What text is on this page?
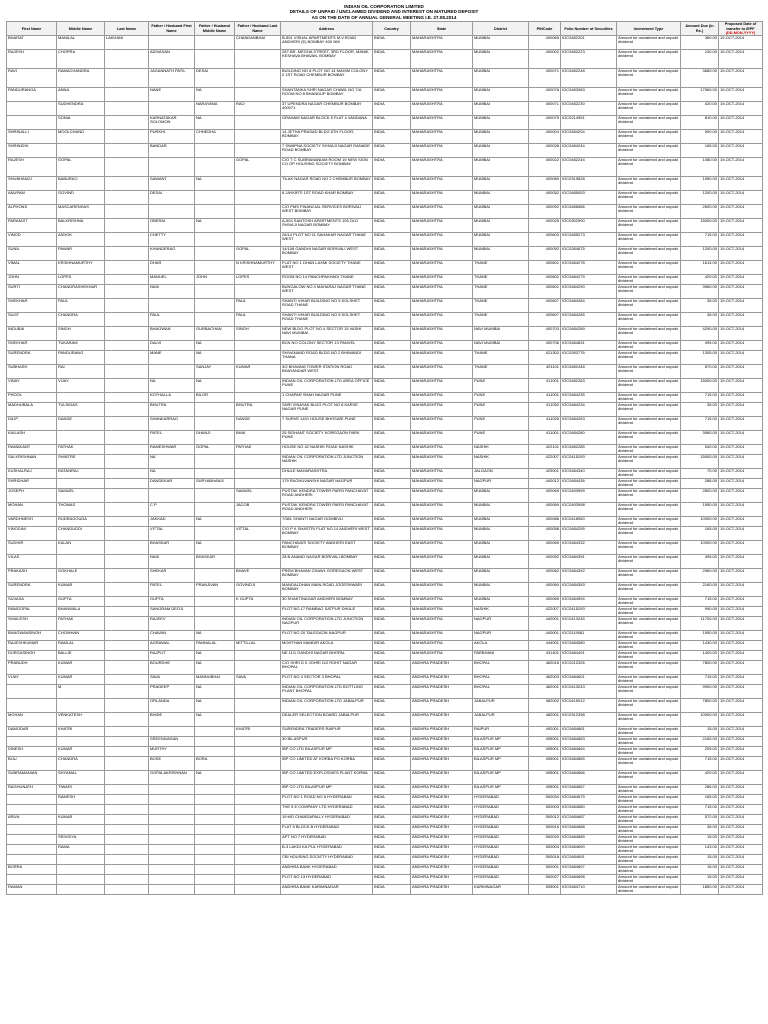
INDIAN OIL CORPORATION LIMITED
DETAILS OF UNPAID / UNCLAIMED DIVIDEND AND INTEREST ON MATURED DEPOSIT
AS ON THE DATE OF ANNUAL GENERAL MEETING I.E. 27.08.2014
First Name	Middle Name	Last Name	Father / Husband First Name	Father / Husband Middle Name	Father / Husband Last Name	Address	Country	State	District	PINCode	Folio Number of Securities	Investment Type	Amount Due (in Rs.)	Proposed Date of transfer to IEPF
(DD-MON-YYYY)
BHARAT	MANILAL	LAKHANI			CHANDANBHAI	B-501 VISHAL APARTMENTS M.V.ROAD ANDHERI (E) BOMBAY 400 069	INDIA	MAHARASHTRA	MUMBAI	400069	IOC0482201	Amount for unclaimed and unpaid dividend	360.00	19-OCT-2014
RAJESH	CHOPRA		ADIVASAN			287-BR. MEGHA STREET, 3RD FLOOR, MANIK KESHAVA BHAVAN, BOMBAY	INDIA	MAHARASHTRA	MUMBAI	400002	IOC0482223	Amount for unclaimed and unpaid dividend	240.00	19-OCT-2014
RAVI	RAMACHANDRA		JAGANNATH PATIL	DESAI		BUILDING NO 8 PLOT NO 14 MAHIM COLONY 2 1ST ROAD CHEMBUR BOMBAY	INDIA	MAHARASHTRA	MUMBAI	400071	IOC0482248	Amount for unclaimed and unpaid dividend	3680.00	19-OCT-2014
PANDURANGA	ANNA		NANE	NA		SHANTANKA SHRI NAGAR CHAWL NO 7/A ROOM NO 8 BHANDUP BOMBAY	INDIA	MAHARASHTRA	MUMBAI	400078	IOC0483083	Amount for unclaimed and unpaid dividend	17960.00	19-OCT-2014
	SUDHENDRA			NARAYANA	RAO	37 UPENDRA NAGAR CHEMBUR BOMBAY 400071	INDIA	MAHARASHTRA	MUMBAI	400071	IOC0482230	Amount for unclaimed and unpaid dividend	420.00	19-OCT-2014
	SONIA		KARNATAKAR SOLOMON	NA		GRAHAM NAGAR BLOCK 5 FLAT 4 VANDANA	INDIA	MAHARASHTRA	MUMBAI	400075	IOC0214951	Amount for unclaimed and unpaid dividend	810.00	19-OCT-2014
SHRINALLI	MOOLCHAND		PURKHI	CHHEDHA		14 JETHA PRASAD BLDG 6TH FLOOR, BOMBAY	INDIA	MAHARASHTRA	MUMBAI	400004	IOC0484204	Amount for unclaimed and unpaid dividend	900.00	19-OCT-2014
SHRINIDHI			BANDAR			7 SWAPNA SOCIETY SHIVAJI NAGAR RANADE ROAD BOMBAY	INDIA	MAHARASHTRA	MUMBAI	400028	IOC0484244	Amount for unclaimed and unpaid dividend	165.00	19-OCT-2014
RAJESH	GOPAL				GOPAL	C/O T C SUBRAMANIAM ROOM 19 NEW SION CO OP HOUSING SOCIETY BOMBAY	INDIA	MAHARASHTRA	MUMBAI	400022	IOC0482244	Amount for unclaimed and unpaid dividend	1080.00	19-OCT-2014
SHUBHANGI	BABURAO		SAWANT	NA		TILAK NAGAR ROAD NO 2 CHEMBUR BOMBAY	INDIA	MAHARASHTRA	MUMBAI	400089	IOC0319828	Amount for unclaimed and unpaid dividend	1950.00	19-OCT-2014
ANUPAM	GOVIND		DESAI			8 JAYKIRTI 1ST ROAD KHAR BOMBAY	INDIA	MAHARASHTRA	MUMBAI	400052	IOC0485053	Amount for unclaimed and unpaid dividend	1200.00	19-OCT-2014
ALPHONS	MASCARENHAS					C/O PMS FINANCIAL SERVICES BORIVALI WEST BOMBAY	INDIA	MAHARASHTRA	MUMBAI	400092	IOC0486586	Amount for unclaimed and unpaid dividend	2600.00	19-OCT-2014
PARAMJIT	BALKRISHNA		OBERAI	NA		A-504 SANTOSH APARTMENTS 105 OLD SHIVAJI NAGAR BOMBAY	INDIA	MAHARASHTRA	MUMBAI	400025	IOC0302900	Amount for unclaimed and unpaid dividend	15000.00	19-OCT-2014
VINOD	ASHOK		CHETTY			26/14 PLOT NO 11 SAHAKAR NAGAR THANE WEST	INDIA	MAHARASHTRA	MUMBAI	400603	IOC0485273	Amount for unclaimed and unpaid dividend	715.00	19-OCT-2014
SUNIL	PAWAR		KHANDERAO		GOPAL	14/108 GANDHI NAGAR BORIVALI WEST BOMBAY	INDIA	MAHARASHTRA	MUMBAI	400092	IOC0284875	Amount for unclaimed and unpaid dividend	1200.00	19-OCT-2014
VIMAL	KRISHNAMURTHY		DHAR		N KRISHNAMURTHY	FLAT NO 1 DHAN LAXMI SOCIETY THANE WEST	INDIA	MAHARASHTRA	THANE	400601	IOC0484278	Amount for unclaimed and unpaid dividend	1614.00	19-OCT-2014
JOHN	LOPES		MANUEL	JOHN	LOPES	ROOM NO 14 PANCHPAKHADI THANE	INDIA	MAHARASHTRA	THANE	400602	IOC0484279	Amount for unclaimed and unpaid dividend	420.00	19-OCT-2014
SURTI	CHANDRASHEKHAR		NAIK			BUNGALOW NO 4 MAHARAJ NAGAR THANE WEST	INDIA	MAHARASHTRA	THANE	400601	IOC0484290	Amount for unclaimed and unpaid dividend	3960.00	19-OCT-2014
SHEKHAR	PAUL				PAUL	SHANTI VIHAR BUILDING NO 5 KOLSHET ROAD THANE	INDIA	MAHARASHTRA	THANE	400607	IOC0484284	Amount for unclaimed and unpaid dividend	35.00	19-OCT-2014
SUJIT	CHANDRA		PAUL		PAUL	SHANTI VIHAR BUILDING NO 5 KOLSHET ROAD THANE	INDIA	MAHARASHTRA	THANE	400607	IOC0484285	Amount for unclaimed and unpaid dividend	35.00	19-OCT-2014
INDUBAI	SINGH		BHAGWAN	GURBACHAN	SINGH	NEW BLDG PLOT NO 4 SECTOR 15 VASHI NAVI MUMBAI	INDIA	MAHARASHTRA	NAVI MUMBAI	400703	IOC0484289	Amount for unclaimed and unpaid dividend	4290.00	19-OCT-2014
SHEKHAR	TUKARAM		DALVI	NA		BCN NO COLONY SECTOR 13 PANVEL	INDIA	MAHARASHTRA	NAVI MUMBAI	400706	IOC0484831	Amount for unclaimed and unpaid dividend	495.00	19-OCT-2014
SURENDRA	PANDURANG		MANE	NA		SHIVANAND ROAD BLDG NO 2 BHIWANDI THANA	INDIA	MAHARASHTRA	THANE	421302	IOC0393776	Amount for unclaimed and unpaid dividend	1305.00	19-OCT-2014
SUBHASH	RAI			SANJAY	KUMAR	3/2 BHAVANI TOWER STATION ROAD BHAYANDAR WEST	INDIA	MAHARASHTRA	THANE	401101	IOC0482448	Amount for unclaimed and unpaid dividend	870.00	19-OCT-2014
VINAY	VIJAY		NA	NA		INDIAN OIL CORPORATION LTD AREA OFFICE PUNE	INDIA	MAHARASHTRA	PUNE	411001	IOC0482263	Amount for unclaimed and unpaid dividend	15000.00	19-OCT-2014
PHOOL			KOTHALLA	BILOR		1 CHAPAR SHAH NAGAR PUNE	INDIA	MAHARASHTRA	PUNE	411001	IOC0484235	Amount for unclaimed and unpaid dividend	715.00	19-OCT-2014
MADHUBALA	TULSIDAS		BHUTRA		BHUTRA	SHRI VINAYAK BLDG PLOT NO 8 KARVE NAGAR PUNE	INDIA	MAHARASHTRA	PUNE	411052	IOC0484234	Amount for unclaimed and unpaid dividend	35.00	19-OCT-2014
DILIP	DANDE		SHANKARRAO		DANDE	7 SURVE 1401 HOUSE BHOSARI PUNE	INDIA	MAHARASHTRA	PUNE	411026	IOC0484263	Amount for unclaimed and unpaid dividend	715.00	19-OCT-2014
KAILASH			PATEL	DHANJI	BHAI	25 SIDHANT SOCIETY KOREGAON PARK PUNE	INDIA	MAHARASHTRA	PUNE	411001	IOC0484280	Amount for unclaimed and unpaid dividend	3960.00	19-OCT-2014
RAMAKANT	PATHAK		RAMESHWAR	GOPAL	PATHAK	HOUSE NO 42 NASHIK ROAD NASHIK	INDIA	MAHARASHTRA	NASHIK	422101	IOC0482285	Amount for unclaimed and unpaid dividend	540.00	19-OCT-2014
SAI KRISHNAN	SHINTRE		NA			INDIAN OIL CORPORATION LTD JUNCTION NASHIK	INDIA	MAHARASHTRA	NASHIK	422007	IOC0415293	Amount for unclaimed and unpaid dividend	15000.00	19-OCT-2014
KUSHALRAJ	RATANRAJ		NA			DHULE MAHARASHTRA	INDIA	MAHARASHTRA	JALGAON	425001	IOC0484340	Amount for unclaimed and unpaid dividend	70.00	19-OCT-2014
SHRIDHAR			DANDEKAR	SURYABHANJI		179 RAGHUVANSHI NAGAR NAGPUR	INDIA	MAHARASHTRA	NAGPUR	440012	IOC0484436	Amount for unclaimed and unpaid dividend	286.00	19-OCT-2014
JOSEPH	SAMUEL				SAMUEL	PUSTAK KENDRA TOWER PARSI PANCHAYAT ROAD ANDHERI	INDIA	MAHARASHTRA	MUMBAI	400069	IOC0493999	Amount for unclaimed and unpaid dividend	2800.00	19-OCT-2014
MOHAN	THOMAS		C P		JACOB	PUSTAK KENDRA TOWER PARSI PANCHAYAT ROAD ANDHERI	INDIA	MAHARASHTRA	MUMBAI	400069	IOC0493998	Amount for unclaimed and unpaid dividend	1950.00	19-OCT-2014
VARDHNESH	RUDRAGOUDA		JAKKAD	NA		7/381 SHANTI NAGAR DOMBIVLI	INDIA	MAHARASHTRA	MUMBAI	400086	IOC0418960	Amount for unclaimed and unpaid dividend	10000.00	19-OCT-2014
VINODINI	CHANDUDDI		VITTAL		VITTAL	C/O P K SHASTRI FLAT NO 14 ANDHERI WEST BOMBAY	INDIA	MAHARASHTRA	MUMBAI	400058	IOC0484295	Amount for unclaimed and unpaid dividend	165.00	19-OCT-2014
SUDHIR	KALAN		BHASKAR	NA		PANCHAVATI SOCIETY ANDHERI EAST BOMBAY	INDIA	MAHARASHTRA	MUMBAI	400069	IOC0484332	Amount for unclaimed and unpaid dividend	10000.00	19-OCT-2014
VILAS			NAIK	BHASKAR		28 B ANAND NAGAR BORIVALI BOMBAY	INDIA	MAHARASHTRA	MUMBAI	400092	IOC0484391	Amount for unclaimed and unpaid dividend	495.00	19-OCT-2014
PRAKASH	GOKHALE		SHEKAR		BHAVE	PREM BHAVAN CHAWL GOREGAON WEST BOMBAY	INDIA	MAHARASHTRA	MUMBAI	400062	IOC0484392	Amount for unclaimed and unpaid dividend	2960.00	19-OCT-2014
SURENDRA	KUMAR		PATEL	PRANJIVAN	GOVINDJI	MANGALDHAN MAIN ROAD JOGESHWARI BOMBAY	INDIA	MAHARASHTRA	MUMBAI	400060	IOC0484393	Amount for unclaimed and unpaid dividend	2160.00	19-OCT-2014
SUVASA	GUPTA		GUPTA		K GUPTA	30 SHAKTINAGAR ANDHERI BOMBAY	INDIA	MAHARASHTRA	MUMBAI	400069	IOC0484594	Amount for unclaimed and unpaid dividend	715.00	19-OCT-2014
RAMGOPAL	BHANWALA		SANGRAM DEOJI			PLOT NO 17 RAMBAG SATPUR DHULE	INDIA	MAHARASHTRA	NASHIK	422007	IOC0415293	Amount for unclaimed and unpaid dividend	990.00	19-OCT-2014
SHAILESH	PATHAK		RAJEEV			INDIAN OIL CORPORATION LTD JUNCTION NAGPUR	INDIA	MAHARASHTRA	NAGPUR	440001	IOC0413245	Amount for unclaimed and unpaid dividend	11700.00	19-OCT-2014
BHAGWANSINGH	CHOWHAN		CHAVAN	NA		PLOT NO 20 TALEGAON NAGPUR	INDIA	MAHARASHTRA	NAGPUR	440001	IOC0119081	Amount for unclaimed and unpaid dividend	1950.00	19-OCT-2014
RAJESHKUMAR	RAMLAL		AGRAWAL	PANNALAL	MITTILLAL	MOHTHAN MANDIR AKOLA	INDIA	MAHARASHTRA	AKOLA	444001	IOC0484580	Amount for unclaimed and unpaid dividend	1430.00	19-OCT-2014
DURGASINGH	BALLIE		RAJPUT	NA		NE 11/1 GANDHI NAGAR BHOPAL	INDIA	MAHARASHTRA	PARBHANI	431401	IOC0484491	Amount for unclaimed and unpaid dividend	1400.00	19-OCT-2014
PRABUDH	KUMAR		BOURDHE	NA		C/O SHRI D K JOHRI 112 ROHIT NAGAR BHOPAL	INDIA	ANDHRA PRADESH	BHOPAL	462016	IOC0212326	Amount for unclaimed and unpaid dividend	7800.00	19-OCT-2014
VIJAY	KUMAR		SAVA	MANNUBHAI	SAVA	PLOT NO 4 SECTOR 3 BHOPAL	INDIA	ANDHRA PRADESH	BHOPAL	462003	IOC0484601	Amount for unclaimed and unpaid dividend	715.00	19-OCT-2014
	M		PRADEEP	NA		INDIAN OIL CORPORATION LTD BOTTLING PLANT BHOPAL	INDIA	ANDHRA PRADESH	BHOPAL	462001	IOC0413243	Amount for unclaimed and unpaid dividend	9900.00	19-OCT-2014
			ORLANDA	NA		INDIAN OIL CORPORATION LTD JABALPUR	INDIA	ANDHRA PRADESH	JABALPUR	482002	IOC0415012	Amount for unclaimed and unpaid dividend	7800.00	19-OCT-2014
MOHAN	VENKATESH		BHIDE	NA		DEALER SELECTION BOARD JABALPUR	INDIA	ANDHRA PRADESH	JABALPUR	482001	IOC0312398	Amount for unclaimed and unpaid dividend	10000.00	19-OCT-2014
DAMODAR	KHATRI				KHATRI	SURENDRA TRADERS RAIPUR	INDIA	ANDHRA PRADESH	RAIPUR	492001	IOC0484661	Amount for unclaimed and unpaid dividend	15.00	19-OCT-2014
			SREENIVASAN			30 BILASPUR	INDIA	ANDHRA PRADESH	BILASPUR MP	495001	IOC0484663	Amount for unclaimed and unpaid dividend	2160.00	19-OCT-2014
DINESH	KUMAR		MURTHY			IBP CO LTD BILASPUR MP	INDIA	ANDHRA PRADESH	BILASPUR MP	495001	IOC0484664	Amount for unclaimed and unpaid dividend	205.00	19-OCT-2014
BIJU	CHANDRA		BOSE	BORA		IBP CO LIMITED AT KORBA PO KORBA	INDIA	ANDHRA PRADESH	BILASPUR MP	495001	IOC0484665	Amount for unclaimed and unpaid dividend	715.00	19-OCT-2014
SUBRAMANIAN	SHYAMAL		GOPALAKRISHNAN	NA		IBP CO LIMITED EXPLOSIVES PLANT KORBA	INDIA	ANDHRA PRADESH	BILASPUR MP	495001	IOC0484666	Amount for unclaimed and unpaid dividend	420.00	19-OCT-2014
RAGHUNATH	TIWARI					IBP CO LTD BILASPUR MP	INDIA	ANDHRA PRADESH	BILASPUR MP	495001	IOC0484667	Amount for unclaimed and unpaid dividend	286.00	19-OCT-2014
	RAMESH					PLOT NO 1 ROAD NO 6 HYDERABAD	INDIA	ANDHRA PRADESH	HYDERABAD	500034	IOC0484679	Amount for unclaimed and unpaid dividend	165.00	19-OCT-2014
						THE 5 E COMPANY LTD HYDERABAD	INDIA	ANDHRA PRADESH	HYDERABAD	500003	IOC0484680	Amount for unclaimed and unpaid dividend	715.00	19-OCT-2014
ARUN	KUMAR					19 MG CHANDAPALLY HYDERABAD	INDIA	ANDHRA PRADESH	HYDERABAD	500012	IOC0484687	Amount for unclaimed and unpaid dividend	572.00	19-OCT-2014
						FLAT 9 BLOCK B HYDERABAD	INDIA	ANDHRA PRADESH	HYDERABAD	500016	IOC0484688	Amount for unclaimed and unpaid dividend	35.00	19-OCT-2014
	SRIVIDYA					APT NO 7 HYDERABAD	INDIA	ANDHRA PRADESH	HYDERABAD	500020	IOC0484689	Amount for unclaimed and unpaid dividend	15.00	19-OCT-2014
	RAMA					B-3 LAKDI KA PUL HYDERABAD	INDIA	ANDHRA PRADESH	HYDERABAD	500004	IOC0484690	Amount for unclaimed and unpaid dividend	143.00	19-OCT-2014
						CBI HOUSING SOCIETY HYDERABAD	INDIA	ANDHRA PRADESH	HYDERABAD	500018	IOC0484691	Amount for unclaimed and unpaid dividend	15.00	19-OCT-2014
BORRA						ANDHRA BANK HYDERABAD	INDIA	ANDHRA PRADESH	HYDERABAD	500001	IOC0484697	Amount for unclaimed and unpaid dividend	15.00	19-OCT-2014
						PLOT NO 13 HYDERABAD	INDIA	ANDHRA PRADESH	HYDERABAD	500027	IOC0484698	Amount for unclaimed and unpaid dividend	15.00	19-OCT-2014
RAMAN						ANDHRA BANK KARIMNAGAR	INDIA	ANDHRA PRADESH	KARIMNAGAR	505001	IOC0484710	Amount for unclaimed and unpaid dividend	1850.00	19-OCT-2014
